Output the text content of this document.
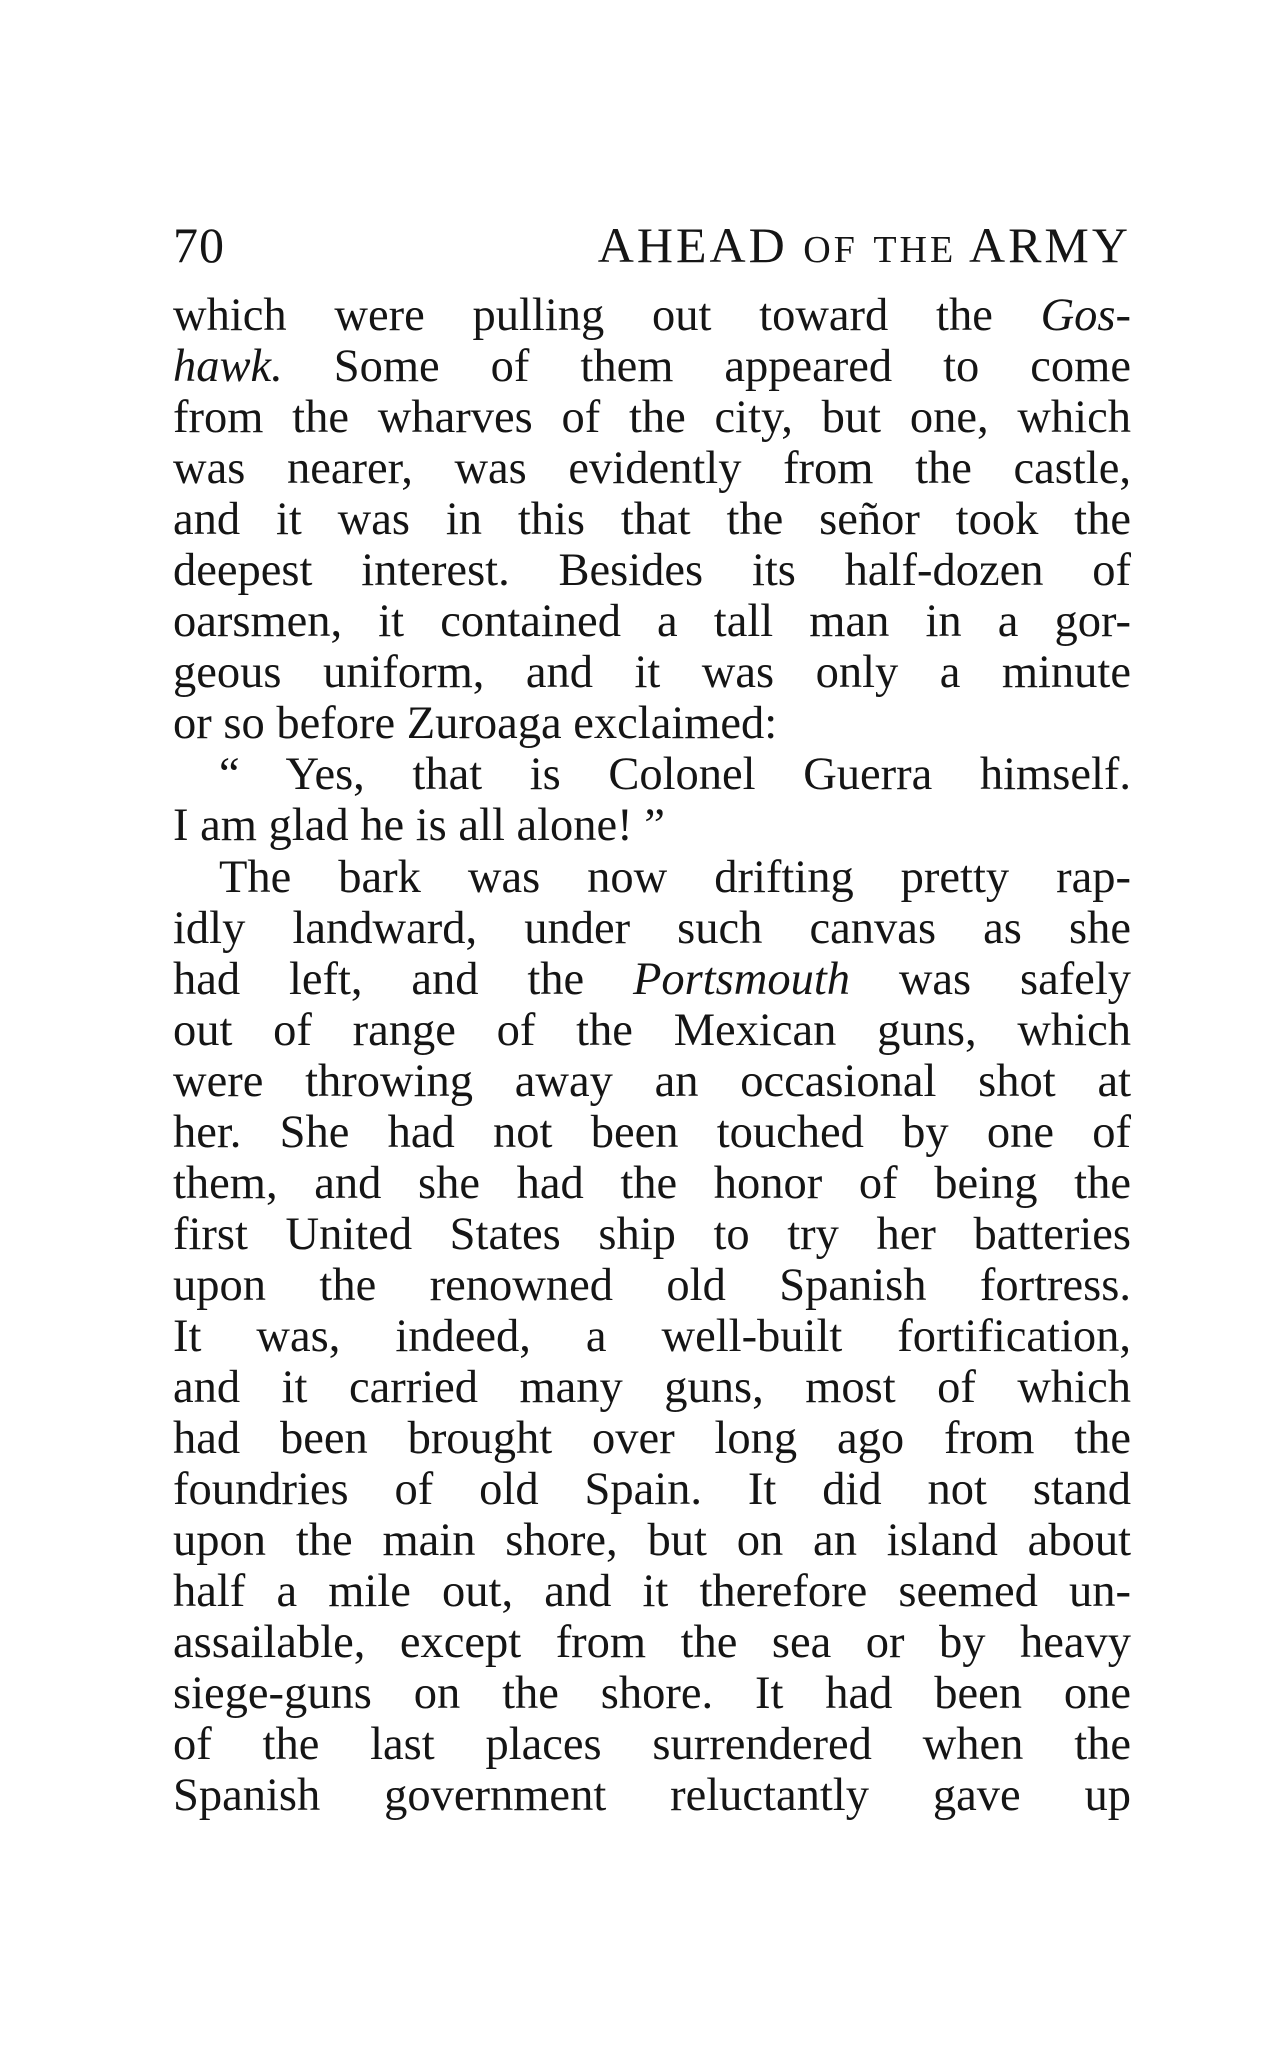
70	AHEAD OF THE ARMY
which were pulling out toward the Gos-
hawk. Some of them appeared to come
from the wharves of the city, but one, which
was nearer, was evidently from the castle,
and it was in this that the señor took the
deepest interest. Besides its half-dozen of
oarsmen, it contained a tall man in a gor-
geous uniform, and it was only a minute
or so before Zuroaga exclaimed:
“ Yes, that is Colonel Guerra himself.
I am glad he is all alone! ”
The bark was now drifting pretty rap-
idly landward, under such canvas as she
had left, and the Portsmouth was safely
out of range of the Mexican guns, which
were throwing away an occasional shot at
her. She had not been touched by one of
them, and she had the honor of being the
first United States ship to try her batteries
upon the renowned old Spanish fortress.
It was, indeed, a well-built fortification,
and it carried many guns, most of which
had been brought over long ago from the
foundries of old Spain. It did not stand
upon the main shore, but on an island about
half a mile out, and it therefore seemed un-
assailable, except from the sea or by heavy
siege-guns on the shore. It had been one
of the last places surrendered when the
Spanish government reluctantly gave up
